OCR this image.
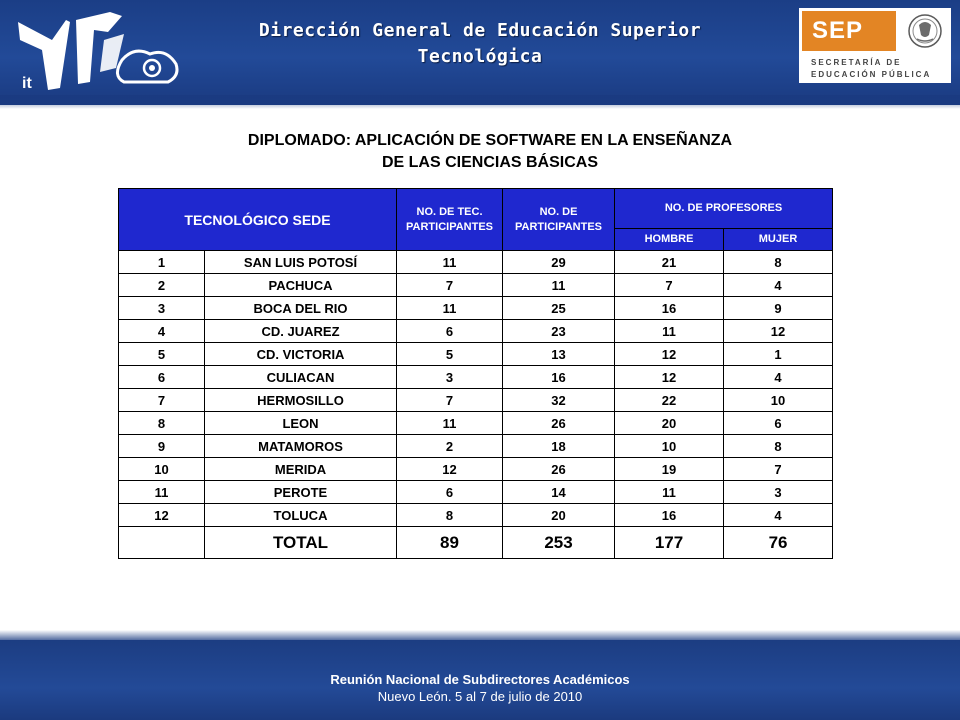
it
Dirección General de Educación Superior
Tecnológica
SEP
SECRETARÍA DE
EDUCACIÓN PÚBLICA
DIPLOMADO: APLICACIÓN DE SOFTWARE EN LA ENSEÑANZA
DE LAS CIENCIAS BÁSICAS
TECNOLÓGICO SEDE		NO. DE TEC. PARTICIPANTES	NO. DE PARTICIPANTES	NO. DE PROFESORES	
				HOMBRE	MUJER
1	SAN LUIS POTOSÍ	11	29	21	8
2	PACHUCA	7	11	7	4
3	BOCA DEL RIO	11	25	16	9
4	CD. JUAREZ	6	23	11	12
5	CD. VICTORIA	5	13	12	1
6	CULIACAN	3	16	12	4
7	HERMOSILLO	7	32	22	10
8	LEON	11	26	20	6
9	MATAMOROS	2	18	10	8
10	MERIDA	12	26	19	7
11	PEROTE	6	14	11	3
12	TOLUCA	8	20	16	4
	TOTAL	89	253	177	76
Reunión Nacional de Subdirectores Académicos
Nuevo León. 5 al 7 de julio de 2010
